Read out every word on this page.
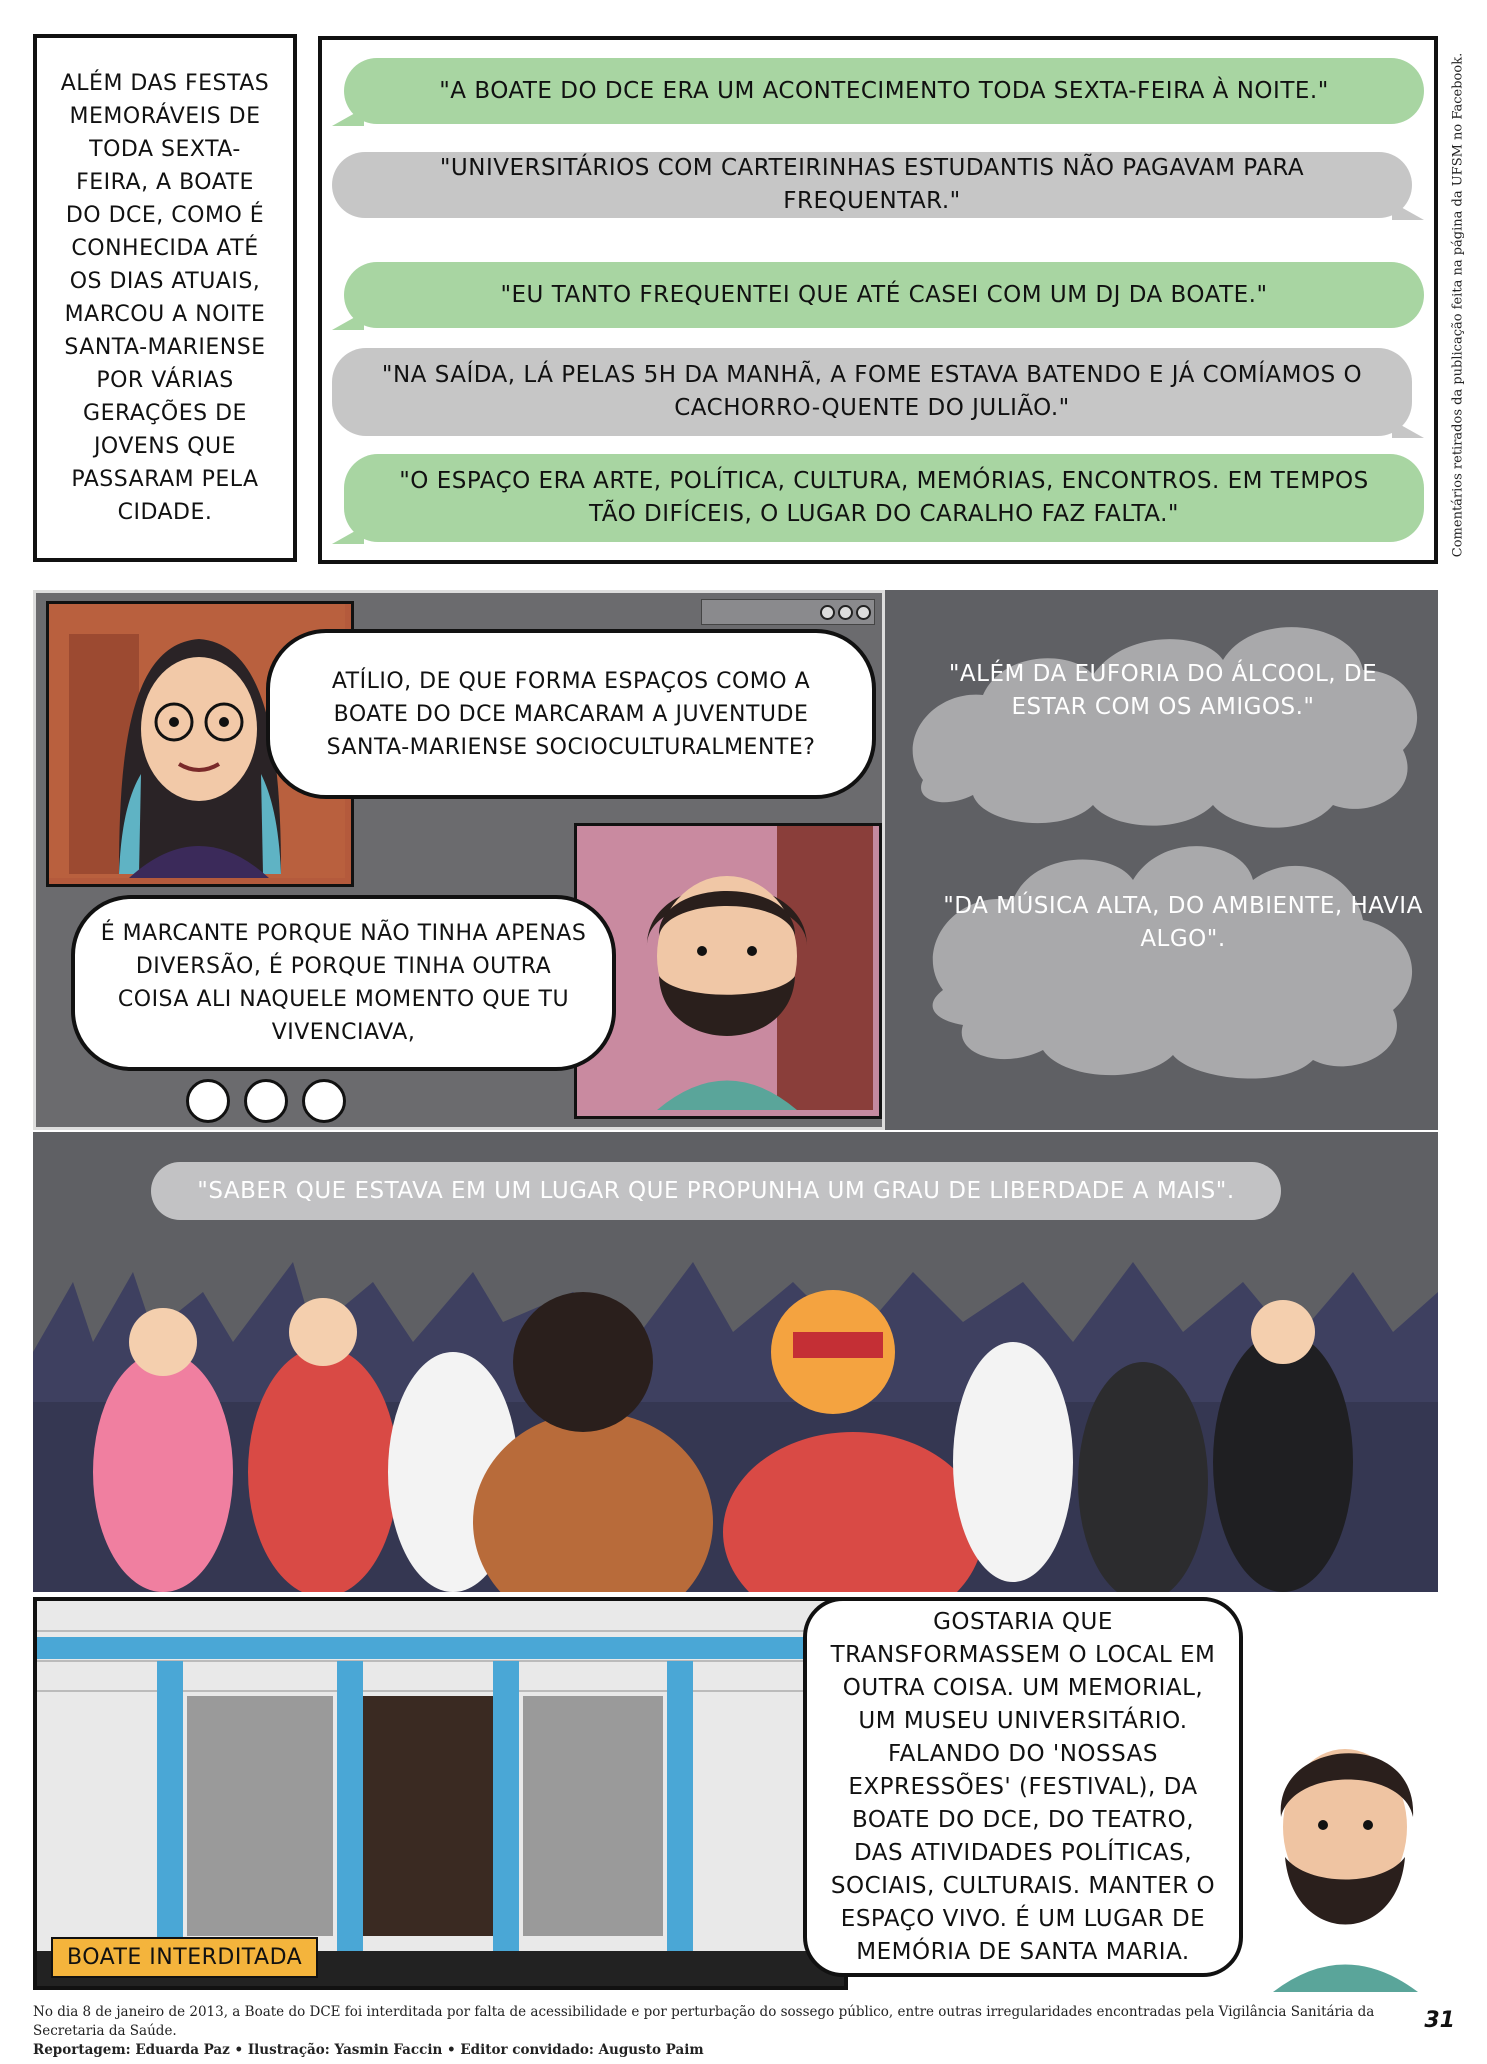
ALÉM DAS FESTAS MEMORÁVEIS DE TODA SEXTA-FEIRA, A BOATE DO DCE, COMO É CONHECIDA ATÉ OS DIAS ATUAIS, MARCOU A NOITE SANTA-MARIENSE POR VÁRIAS GERAÇÕES DE JOVENS QUE PASSARAM PELA CIDADE.

"A BOATE DO DCE ERA UM ACONTECIMENTO TODA SEXTA-FEIRA À NOITE."
"UNIVERSITÁRIOS COM CARTEIRINHAS ESTUDANTIS NÃO PAGAVAM PARA FREQUENTAR."
"EU TANTO FREQUENTEI QUE ATÉ CASEI COM UM DJ DA BOATE."
"NA SAÍDA, LÁ PELAS 5H DA MANHÃ, A FOME ESTAVA BATENDO E JÁ COMÍAMOS O CACHORRO-QUENTE DO JULIÃO."
"O ESPAÇO ERA ARTE, POLÍTICA, CULTURA, MEMÓRIAS, ENCONTROS. EM TEMPOS TÃO DIFÍCEIS, O LUGAR DO CARALHO FAZ FALTA."	Comentários retirados da publicação feita na página da UFSM no Facebook.
ATÍLIO, DE QUE FORMA ESPAÇOS COMO A BOATE DO DCE MARCARAM A JUVENTUDE SANTA-MARIENSE SOCIOCULTURALMENTE?
É MARCANTE PORQUE NÃO TINHA APENAS DIVERSÃO, É PORQUE TINHA OUTRA COISA ALI NAQUELE MOMENTO QUE TU VIVENCIAVA,
"ALÉM DA EUFORIA DO ÁLCOOL, DE ESTAR COM OS AMIGOS."
"DA MÚSICA ALTA, DO AMBIENTE, HAVIA ALGO".
"SABER QUE ESTAVA EM UM LUGAR QUE PROPUNHA UM GRAU DE LIBERDADE A MAIS".
BOATE INTERDITADA
GOSTARIA QUE TRANSFORMASSEM O LOCAL EM OUTRA COISA. UM MEMORIAL, UM MUSEU UNIVERSITÁRIO. FALANDO DO 'NOSSAS EXPRESSÕES' (FESTIVAL), DA BOATE DO DCE, DO TEATRO, DAS ATIVIDADES POLÍTICAS, SOCIAIS, CULTURAIS. MANTER O ESPAÇO VIVO. É UM LUGAR DE MEMÓRIA DE SANTA MARIA.
No dia 8 de janeiro de 2013, a Boate do DCE foi interditada por falta de acessibilidade e por perturbação do sossego público, entre outras irregularidades encontradas pela Vigilância Sanitária da Secretaria da Saúde.
Reportagem: Eduarda Paz • Ilustração: Yasmin Faccin • Editor convidado: Augusto Paim
31
